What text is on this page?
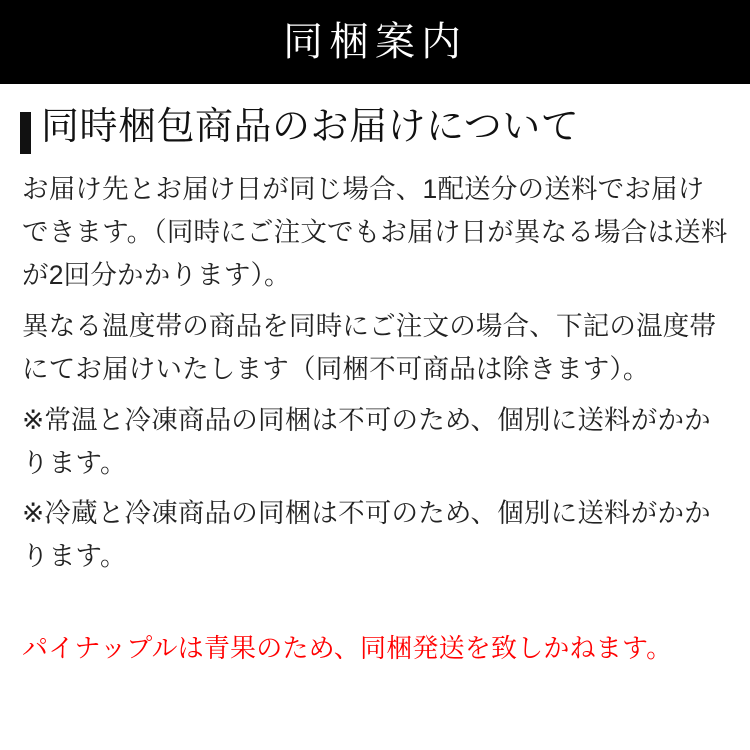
同梱案内
同時梱包商品のお届けについて

お届け先とお届け日が同じ場合、1配送分の送料でお届けできます。（同時にご注文でもお届け日が異なる場合は送料が2回分かかります）。

異なる温度帯の商品を同時にご注文の場合、下記の温度帯にてお届けいたします（同梱不可商品は除きます）。

※常温と冷凍商品の同梱は不可のため、個別に送料がかかります。

※冷蔵と冷凍商品の同梱は不可のため、個別に送料がかかります。

パイナップルは青果のため、同梱発送を致しかねます。
